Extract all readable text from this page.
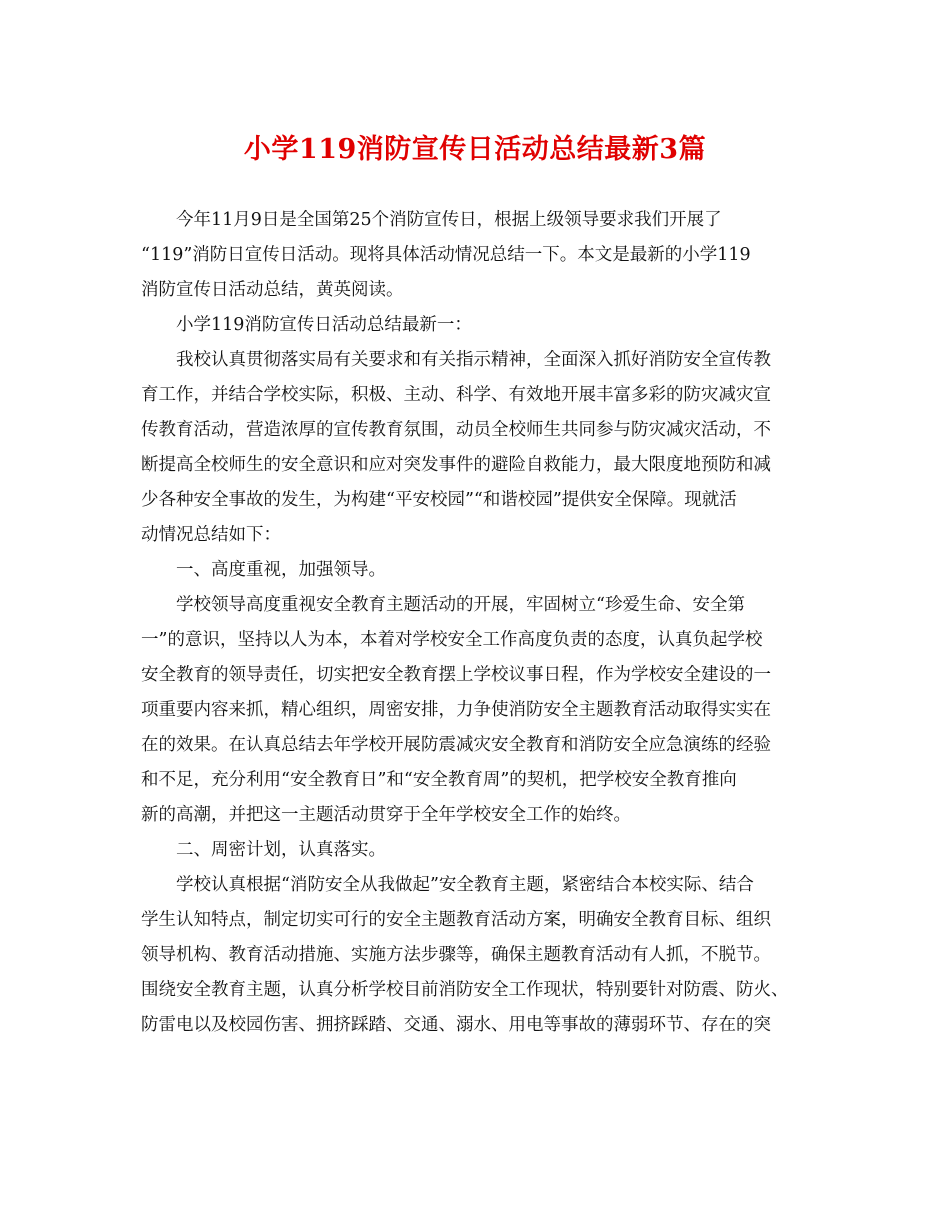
小学119消防宣传日活动总结最新3篇
今年11月9日是全国第25个消防宣传日，根据上级领导要求我们开展了
“119”消防日宣传日活动。现将具体活动情况总结一下。本文是最新的小学119
消防宣传日活动总结，黄英阅读。
小学119消防宣传日活动总结最新一：
我校认真贯彻落实局有关要求和有关指示精神，全面深入抓好消防安全宣传教
育工作，并结合学校实际，积极、主动、科学、有效地开展丰富多彩的防灾减灾宣
传教育活动，营造浓厚的宣传教育氛围，动员全校师生共同参与防灾减灾活动，不
断提高全校师生的安全意识和应对突发事件的避险自救能力，最大限度地预防和减
少各种安全事故的发生，为构建“平安校园”“和谐校园”提供安全保障。现就活
动情况总结如下：
一、高度重视，加强领导。
学校领导高度重视安全教育主题活动的开展，牢固树立“珍爱生命、安全第
一”的意识，坚持以人为本，本着对学校安全工作高度负责的态度，认真负起学校
安全教育的领导责任，切实把安全教育摆上学校议事日程，作为学校安全建设的一
项重要内容来抓，精心组织，周密安排，力争使消防安全主题教育活动取得实实在
在的效果。在认真总结去年学校开展防震减灾安全教育和消防安全应急演练的经验
和不足，充分利用“安全教育日”和“安全教育周”的契机，把学校安全教育推向
新的高潮，并把这一主题活动贯穿于全年学校安全工作的始终。
二、周密计划，认真落实。
学校认真根据“消防安全从我做起”安全教育主题，紧密结合本校实际、结合
学生认知特点，制定切实可行的安全主题教育活动方案，明确安全教育目标、组织
领导机构、教育活动措施、实施方法步骤等，确保主题教育活动有人抓，不脱节。
围绕安全教育主题，认真分析学校目前消防安全工作现状，特别要针对防震、防火、
防雷电以及校园伤害、拥挤踩踏、交通、溺水、用电等事故的薄弱环节、存在的突
